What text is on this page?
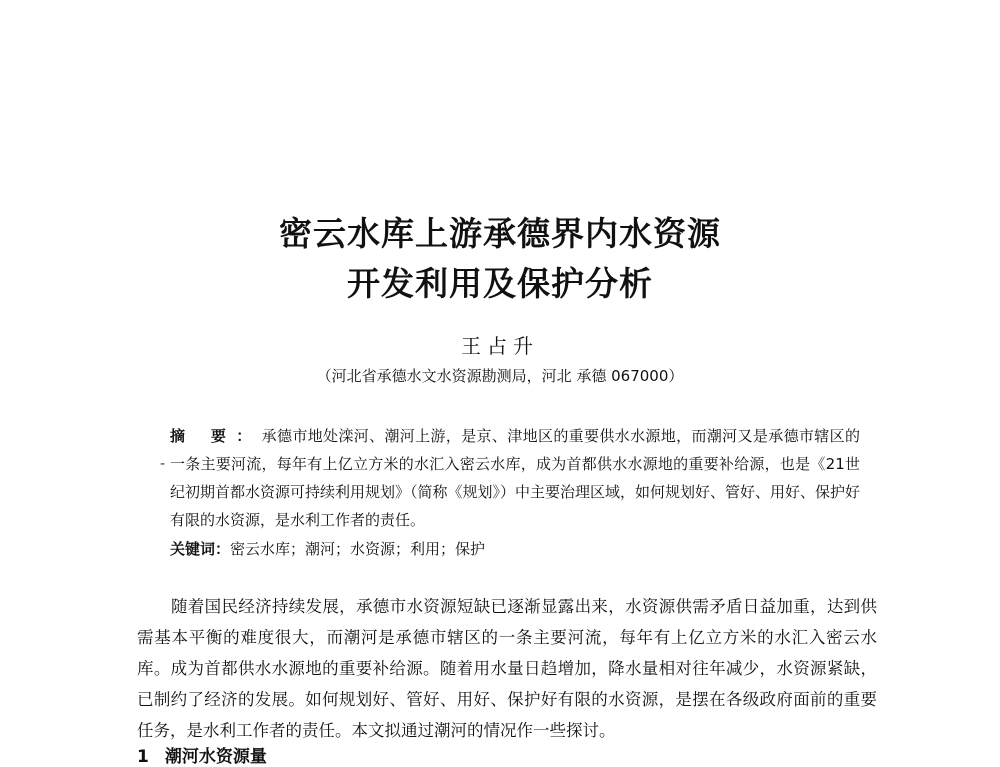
密云水库上游承德界内水资源
开发利用及保护分析
王占升
（河北省承德水文水资源勘测局，河北 承德 067000）
-
摘 要：承德市地处滦河、潮河上游，是京、津地区的重要供水水源地，而潮河又是承德市辖区的一条主要河流，每年有上亿立方米的水汇入密云水库，成为首都供水水源地的重要补给源，也是《21世纪初期首都水资源可持续利用规划》（简称《规划》）中主要治理区域，如何规划好、管好、用好、保护好有限的水资源，是水利工作者的责任。
关键词：密云水库；潮河；水资源；利用；保护
随着国民经济持续发展，承德市水资源短缺已逐渐显露出来，水资源供需矛盾日益加重，达到供需基本平衡的难度很大，而潮河是承德市辖区的一条主要河流，每年有上亿立方米的水汇入密云水库。成为首都供水水源地的重要补给源。随着用水量日趋增加，降水量相对往年减少，水资源紧缺，已制约了经济的发展。如何规划好、管好、用好、保护好有限的水资源，是摆在各级政府面前的重要任务，是水利工作者的责任。本文拟通过潮河的情况作一些探讨。
1 潮河水资源量
